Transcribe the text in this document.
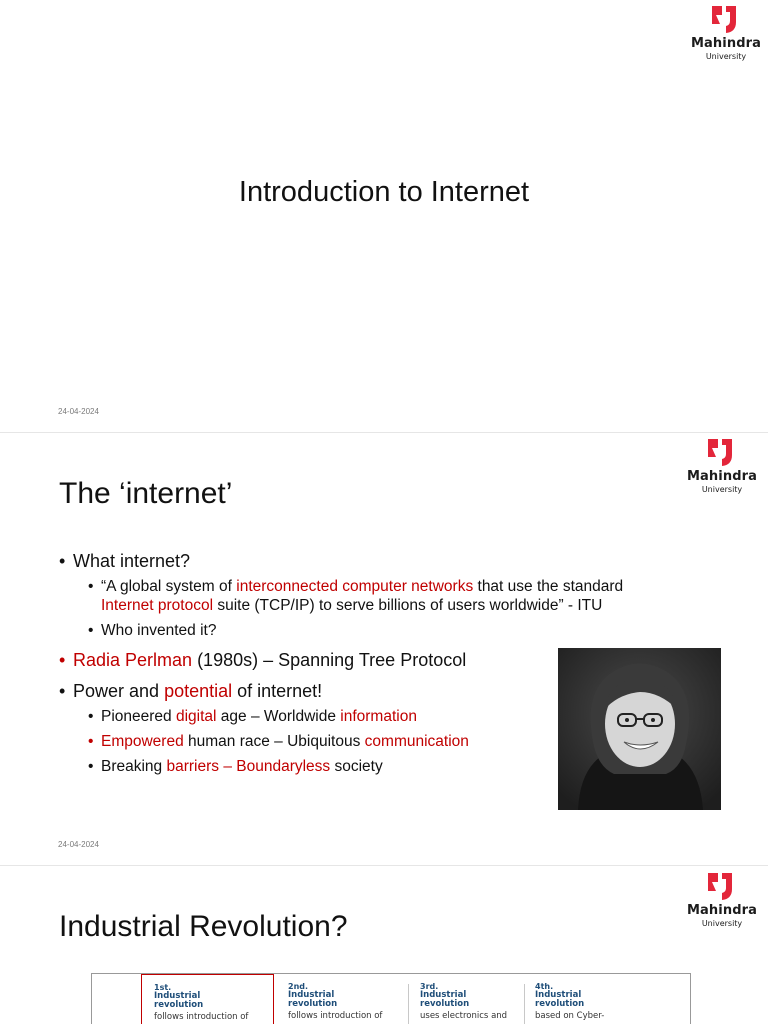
Mahindra
University
Introduction to Internet
24-04-2024
Mahindra
University
The ‘internet’
• What internet?
• “A global system of interconnected computer networks that use the standard
Internet protocol suite (TCP/IP) to serve billions of users worldwide” - ITU
• Who invented it?
• Radia Perlman (1980s) – Spanning Tree Protocol
• Power and potential of internet!
• Pioneered digital age – Worldwide information
• Empowered human race – Ubiquitous communication
• Breaking barriers – Boundaryless society
24-04-2024
Mahindra
University
Industrial Revolution?
1st.
Industrial
revolution
follows introduction of
2nd.
Industrial
revolution
follows introduction of
3rd.
Industrial
revolution
uses electronics and
4th.
Industrial
revolution
based on Cyber-
